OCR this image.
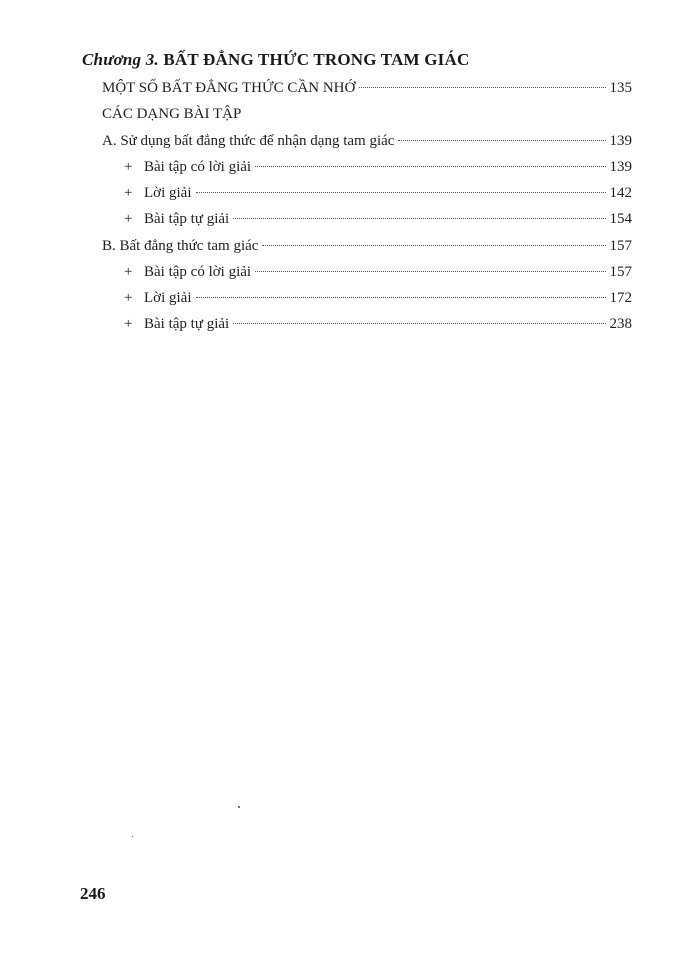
Chương 3. BẤT ĐẲNG THỨC TRONG TAM GIÁC
MỘT SỐ BẤT ĐẲNG THỨC CẦN NHỚ	135
CÁC DẠNG BÀI TẬP
A. Sử dụng bất đẳng thức để nhận dạng tam giác	139
+ Bài tập có lời giải	139
+ Lời giải	142
+ Bài tập tự giải	154
B. Bất đẳng thức tam giác	157
+ Bài tập có lời giải	157
+ Lời giải	172
+ Bài tập tự giải	238
246
